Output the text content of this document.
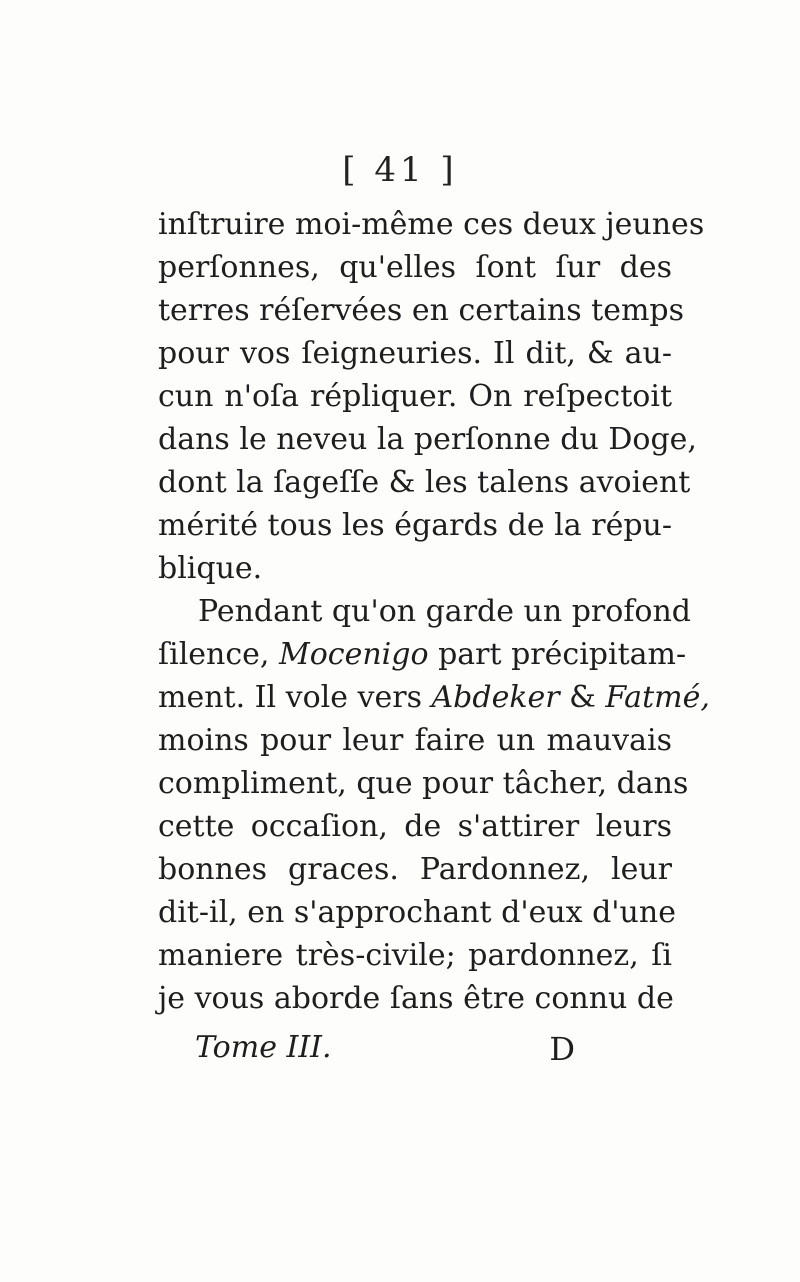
[ 41 ]
inſtruire moi-même ces deux jeunes
perſonnes, qu'elles ſont ſur des
terres réſervées en certains temps
pour vos ſeigneuries. Il dit, & au-
cun n'oſa répliquer. On reſpectoit
dans le neveu la perſonne du Doge,
dont la ſageſſe & les talens avoient
mérité tous les égards de la répu-
blique.
Pendant qu'on garde un profond
ſilence, Mocenigo part précipitam-
ment. Il vole vers Abdeker & Fatmé,
moins pour leur faire un mauvais
compliment, que pour tâcher, dans
cette occaſion, de s'attirer leurs
bonnes graces. Pardonnez, leur
dit-il, en s'approchant d'eux d'une
maniere très-civile; pardonnez, ſi
je vous aborde ſans être connu de
Tome III.	D
